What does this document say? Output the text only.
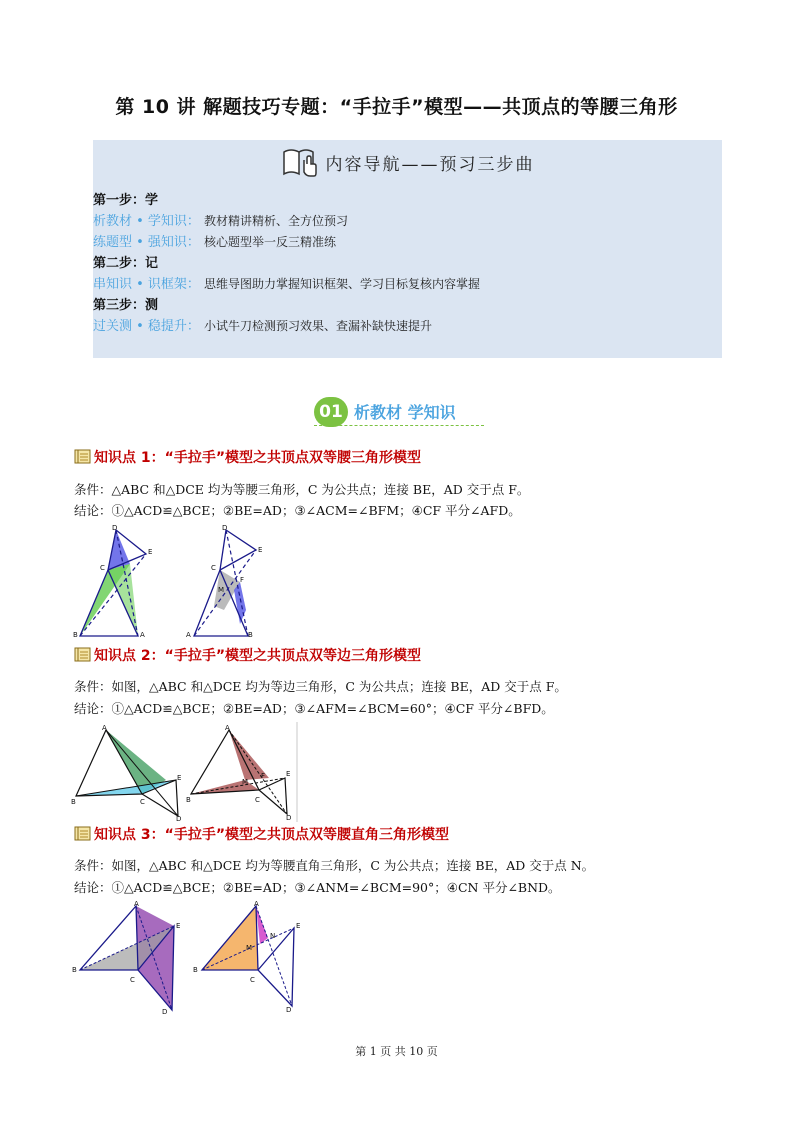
第 10 讲 解题技巧专题：“手拉手”模型——共顶点的等腰三角形
内容导航——预习三步曲
第一步：学
析教材 • 学知识： 教材精讲精析、全方位预习
练题型 • 强知识： 核心题型举一反三精准练
第二步：记
串知识 • 识框架： 思维导图助力掌握知识框架、学习目标复核内容掌握
第三步：测
过关测 • 稳提升： 小试牛刀检测预习效果、查漏补缺快速提升
01 析教材 学知识
知识点 1：“手拉手”模型之共顶点双等腰三角形模型
条件：△ABC 和△DCE 均为等腰三角形，C 为公共点；连接 BE，AD 交于点 F。
结论：①△ACD≌△BCE；②BE=AD；③∠ACM=∠BFM；④CF 平分∠AFD。
D
E
C
B	A
D
E
C
F
M
A	B
知识点 2：“手拉手”模型之共顶点双等边三角形模型
条件：如图，△ABC 和△DCE 均为等边三角形，C 为公共点；连接 BE，AD 交于点 F。
结论：①△ACD≌△BCE；②BE=AD；③∠AFM=∠BCM=60°；④CF 平分∠BFD。
A
E
B	C
D
A
F	E
M
B	C
D
知识点 3：“手拉手”模型之共顶点双等腰直角三角形模型
条件：如图，△ABC 和△DCE 均为等腰直角三角形，C 为公共点；连接 BE，AD 交于点 N。
结论：①△ACD≌△BCE；②BE=AD；③∠ANM=∠BCM=90°；④CN 平分∠BND。
A
E
B
C
D
A
N
E
M
B
C
D
第 1 页 共 10 页
